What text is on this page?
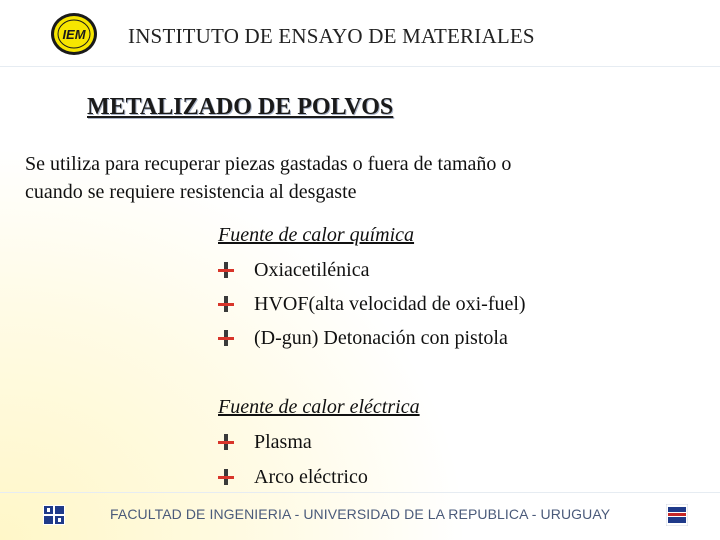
IEM INSTITUTO DE ENSAYO DE MATERIALES
METALIZADO DE POLVOS
Se utiliza para recuperar piezas gastadas o fuera de tamaño o
cuando se requiere resistencia al desgaste
Fuente de calor química
Oxiacetilénica
HVOF(alta velocidad de oxi-fuel)
(D-gun) Detonación con pistola
Fuente de calor eléctrica
Plasma
Arco eléctrico
FACULTAD DE INGENIERIA - UNIVERSIDAD DE LA REPUBLICA - URUGUAY
